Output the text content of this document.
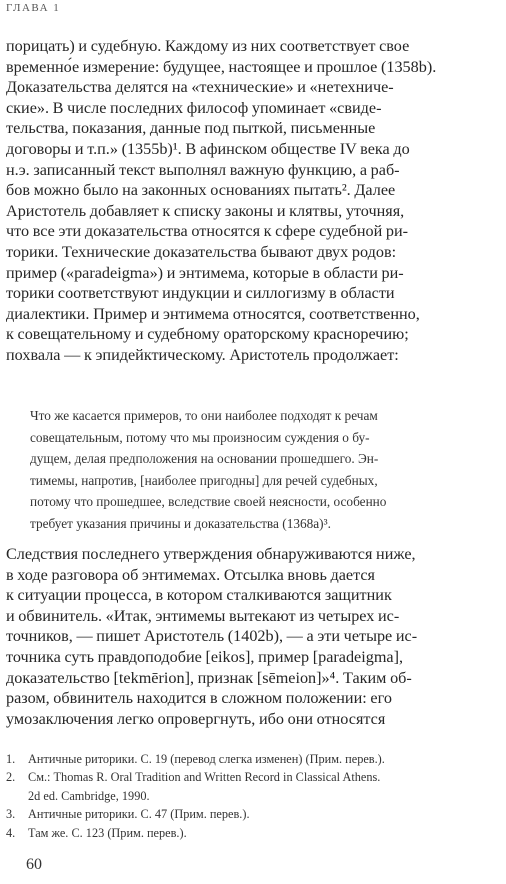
ГЛАВА 1
порицать) и судебную. Каждому из них соответствует свое
временно́е измерение: будущее, настоящее и прошлое (1358b).
Доказательства делятся на «технические» и «нетехниче-
ские». В числе последних философ упоминает «свиде-
тельства, показания, данные под пыткой, письменные
договоры и т.п.» (1355b)¹. В афинском обществе IV века до
н.э. записанный текст выполнял важную функцию, а раб-
бов можно было на законных основаниях пытать². Далее
Аристотель добавляет к списку законы и клятвы, уточняя,
что все эти доказательства относятся к сфере судебной ри-
торики. Технические доказательства бывают двух родов:
пример («paradeigma») и энтимема, которые в области ри-
торики соответствуют индукции и силлогизму в области
диалектики. Пример и энтимема относятся, соответственно,
к совещательному и судебному ораторскому красноречию;
похвала — к эпидейктическому. Аристотель продолжает:
Что же касается примеров, то они наиболее подходят к речам
совещательным, потому что мы произносим суждения о бу-
дущем, делая предположения на основании прошедшего. Эн-
тимемы, напротив, [наиболее пригодны] для речей судебных,
потому что прошедшее, вследствие своей неясности, особенно
требует указания причины и доказательства (1368a)³.
Следствия последнего утверждения обнаруживаются ниже,
в ходе разговора об энтимемах. Отсылка вновь дается
к ситуации процесса, в котором сталкиваются защитник
и обвинитель. «Итак, энтимемы вытекают из четырех ис-
точников, — пишет Аристотель (1402b), — а эти четыре ис-
точника суть правдоподобие [eikos], пример [paradeigma],
доказательство [tekmērion], признак [sēmeion]»⁴. Таким об-
разом, обвинитель находится в сложном положении: его
умозаключения легко опровергнуть, ибо они относятся
1.	Античные риторики. С. 19 (перевод слегка изменен) (Прим. перев.).
2.	См.: Thomas R. Oral Tradition and Written Record in Classical Athens.
2d ed. Cambridge, 1990.
3.	Античные риторики. С. 47 (Прим. перев.).
4.	Там же. С. 123 (Прим. перев.).
60
